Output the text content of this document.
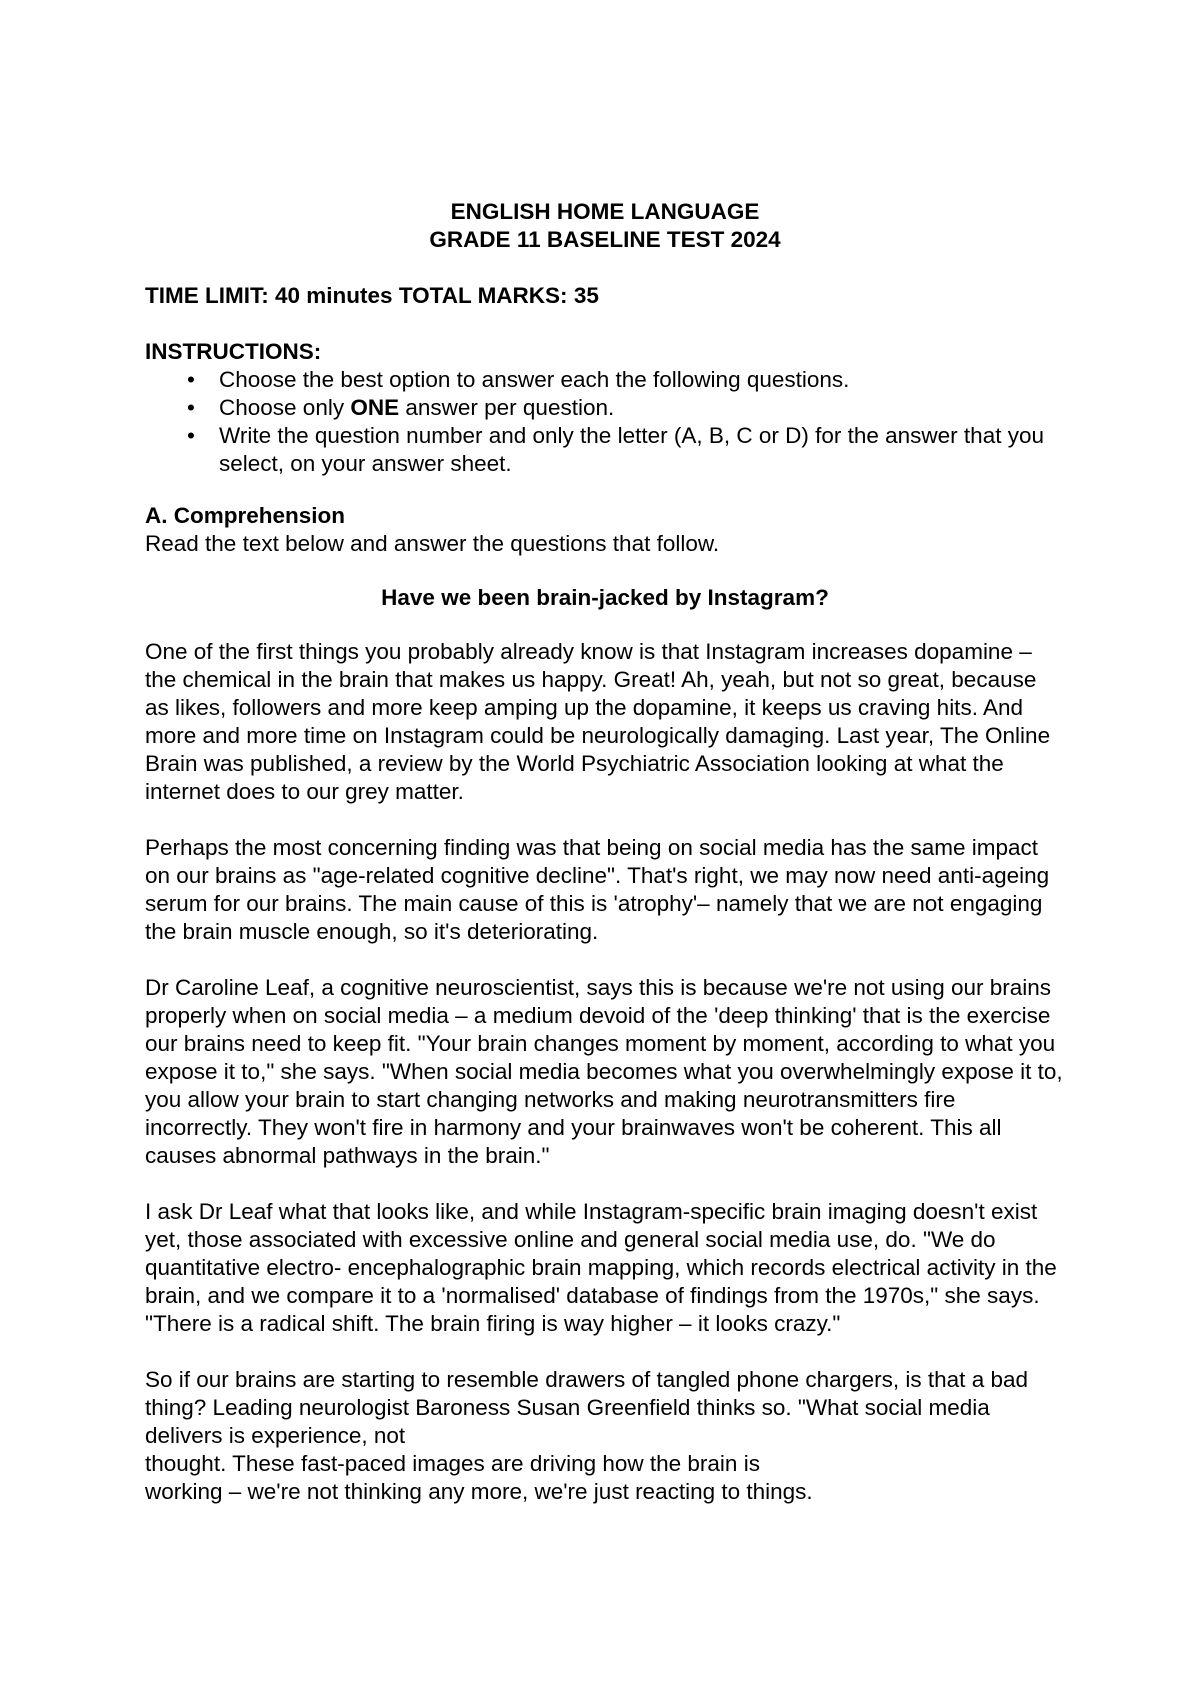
ENGLISH HOME LANGUAGE

GRADE 11 BASELINE TEST 2024

TIME LIMIT: 40 minutes TOTAL MARKS: 35

INSTRUCTIONS:

• Choose the best option to answer each the following questions.
• Choose only ONE answer per question.
• Write the question number and only the letter (A, B, C or D) for the answer that you select, on your answer sheet.

A. Comprehension

Read the text below and answer the questions that follow.

Have we been brain-jacked by Instagram?

One of the first things you probably already know is that Instagram increases dopamine – the chemical in the brain that makes us happy. Great! Ah, yeah, but not so great, because as likes, followers and more keep amping up the dopamine, it keeps us craving hits. And more and more time on Instagram could be neurologically damaging. Last year, The Online Brain was published, a review by the World Psychiatric Association looking at what the internet does to our grey matter.

Perhaps the most concerning finding was that being on social media has the same impact on our brains as "age-related cognitive decline". That's right, we may now need anti-ageing serum for our brains. The main cause of this is 'atrophy'– namely that we are not engaging the brain muscle enough, so it's deteriorating.

Dr Caroline Leaf, a cognitive neuroscientist, says this is because we're not using our brains properly when on social media – a medium devoid of the 'deep thinking' that is the exercise our brains need to keep fit. "Your brain changes moment by moment, according to what you expose it to," she says. "When social media becomes what you overwhelmingly expose it to, you allow your brain to start changing networks and making neurotransmitters fire incorrectly. They won't fire in harmony and your brainwaves won't be coherent. This all causes abnormal pathways in the brain."

I ask Dr Leaf what that looks like, and while Instagram-specific brain imaging doesn't exist yet, those associated with excessive online and general social media use, do. "We do quantitative electro- encephalographic brain mapping, which records electrical activity in the brain, and we compare it to a 'normalised' database of findings from the 1970s," she says. "There is a radical shift. The brain firing is way higher – it looks crazy."

So if our brains are starting to resemble drawers of tangled phone chargers, is that a bad thing? Leading neurologist Baroness Susan Greenfield thinks so. "What social media delivers is experience, not

thought. These fast-paced images are driving how the brain is

working – we're not thinking any more, we're just reacting to things.
